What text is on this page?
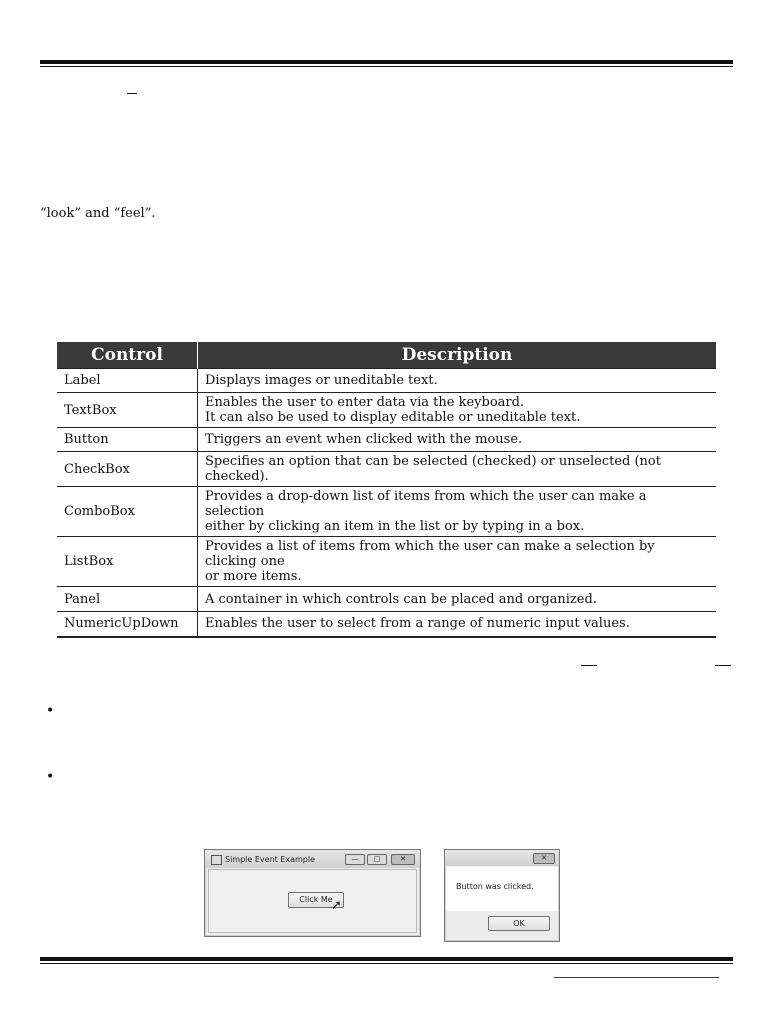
“look” and “feel”.
Control	Description
Label	Displays images or uneditable text.

TextBox	Enables the user to enter data via the keyboard.
It can also be used to display editable or uneditable text.

Button	Triggers an event when clicked with the mouse.

CheckBox	Specifies an option that can be selected (checked) or unselected (not checked).

ComboBox	Provides a drop-down list of items from which the user can make a selection
either by clicking an item in the list or by typing in a box.

ListBox	Provides a list of items from which the user can make a selection by clicking one
or more items.

Panel	A container in which controls can be placed and organized.

NumericUpDown	Enables the user to select from a range of numeric input values.
•
•
Simple Event Example	—	□	✕
Click Me
➚
✕
Button was clicked.
OK
